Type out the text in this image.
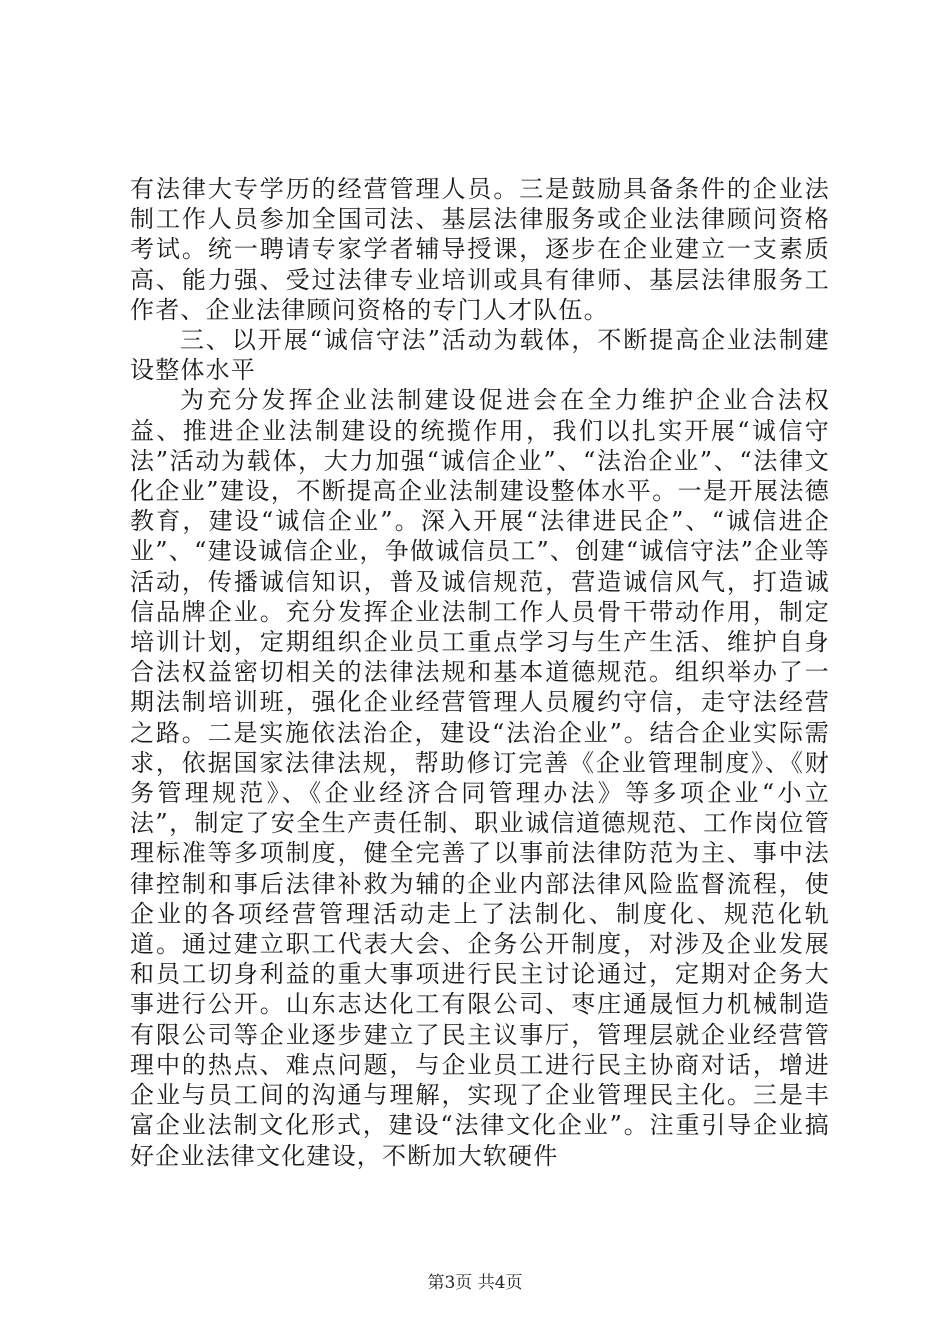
有法律大专学历的经营管理人员。三是鼓励具备条件的企业法制工作人员参加全国司法、基层法律服务或企业法律顾问资格考试。统一聘请专家学者辅导授课，逐步在企业建立一支素质高、能力强、受过法律专业培训或具有律师、基层法律服务工作者、企业法律顾问资格的专门人才队伍。

三、以开展“诚信守法”活动为载体，不断提高企业法制建设整体水平

为充分发挥企业法制建设促进会在全力维护企业合法权益、推进企业法制建设的统揽作用，我们以扎实开展“诚信守法”活动为载体，大力加强“诚信企业”、“法治企业”、“法律文化企业”建设，不断提高企业法制建设整体水平。一是开展法德教育，建设“诚信企业”。深入开展“法律进民企”、“诚信进企业”、“建设诚信企业，争做诚信员工”、创建“诚信守法”企业等活动，传播诚信知识，普及诚信规范，营造诚信风气，打造诚信品牌企业。充分发挥企业法制工作人员骨干带动作用，制定培训计划，定期组织企业员工重点学习与生产生活、维护自身合法权益密切相关的法律法规和基本道德规范。组织举办了一期法制培训班，强化企业经营管理人员履约守信，走守法经营之路。二是实施依法治企，建设“法治企业”。结合企业实际需求，依据国家法律法规，帮助修订完善《企业管理制度》、《财务管理规范》、《企业经济合同管理办法》等多项企业“小立法”，制定了安全生产责任制、职业诚信道德规范、工作岗位管理标准等多项制度，健全完善了以事前法律防范为主、事中法律控制和事后法律补救为辅的企业内部法律风险监督流程，使企业的各项经营管理活动走上了法制化、制度化、规范化轨道。通过建立职工代表大会、企务公开制度，对涉及企业发展和员工切身利益的重大事项进行民主讨论通过，定期对企务大事进行公开。山东志达化工有限公司、枣庄通晟恒力机械制造有限公司等企业逐步建立了民主议事厅，管理层就企业经营管理中的热点、难点问题，与企业员工进行民主协商对话，增进企业与员工间的沟通与理解，实现了企业管理民主化。三是丰富企业法制文化形式，建设“法律文化企业”。注重引导企业搞好企业法律文化建设，不断加大软硬件

第3页 共4页
